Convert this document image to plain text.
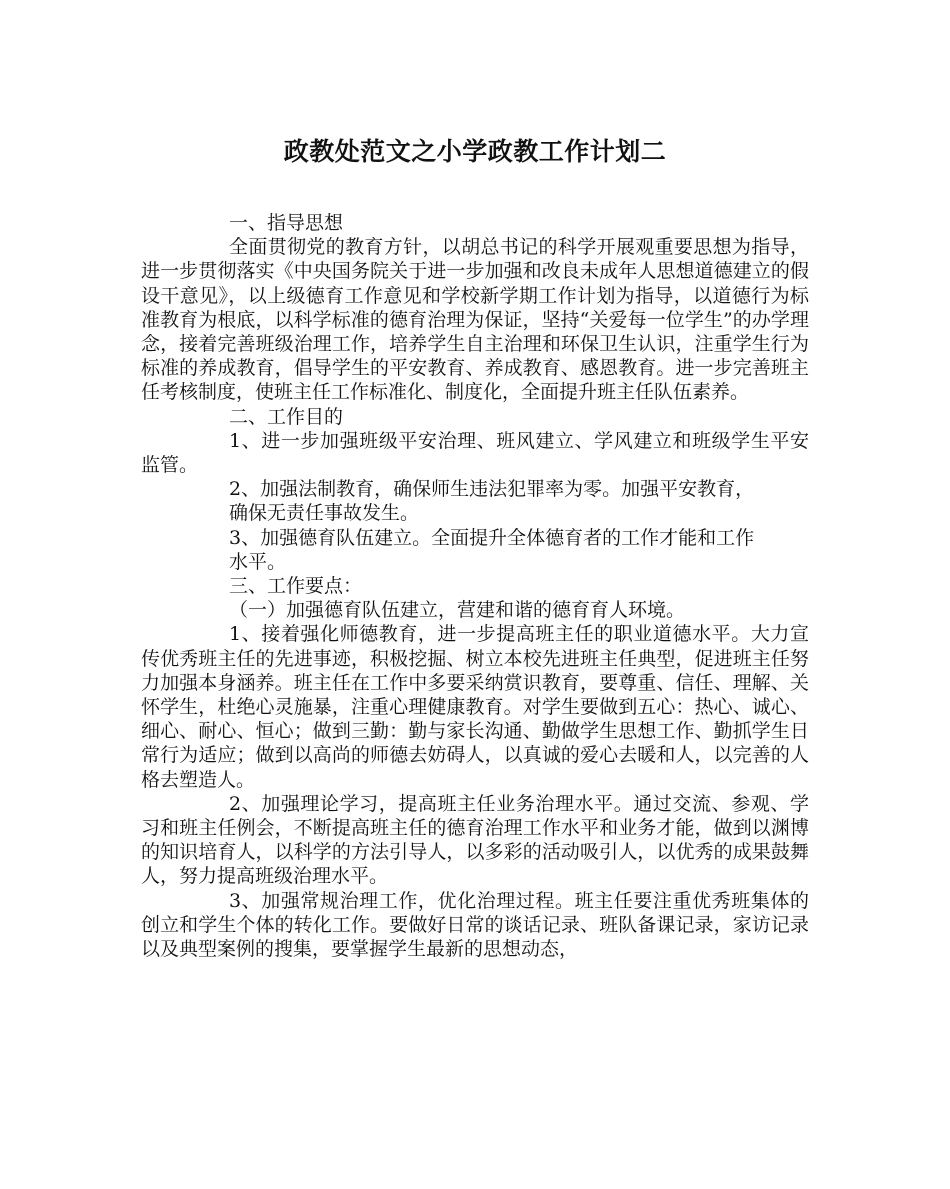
政教处范文之小学政教工作计划二

一、指导思想

全面贯彻党的教育方针，以胡总书记的科学开展观重要思想为指导，进一步贯彻落实《中央国务院关于进一步加强和改良未成年人思想道德建立的假设干意见》，以上级德育工作意见和学校新学期工作计划为指导，以道德行为标准教育为根底，以科学标准的德育治理为保证，坚持“关爱每一位学生”的办学理念，接着完善班级治理工作，培养学生自主治理和环保卫生认识，注重学生行为标准的养成教育，倡导学生的平安教育、养成教育、感恩教育。进一步完善班主任考核制度，使班主任工作标准化、制度化，全面提升班主任队伍素养。

二、工作目的

1、进一步加强班级平安治理、班风建立、学风建立和班级学生平安监管。

2、加强法制教育，确保师生违法犯罪率为零。加强平安教育，

确保无责任事故发生。

3、加强德育队伍建立。全面提升全体德育者的工作才能和工作

水平。

三、工作要点：

（一）加强德育队伍建立，营建和谐的德育育人环境。

1、接着强化师德教育，进一步提高班主任的职业道德水平。大力宣传优秀班主任的先进事迹，积极挖掘、树立本校先进班主任典型，促进班主任努力加强本身涵养。班主任在工作中多要采纳赏识教育，要尊重、信任、理解、关怀学生，杜绝心灵施暴，注重心理健康教育。对学生要做到五心：热心、诚心、细心、耐心、恒心；做到三勤：勤与家长沟通、勤做学生思想工作、勤抓学生日常行为适应；做到以高尚的师德去妨碍人，以真诚的爱心去暖和人，以完善的人格去塑造人。

2、加强理论学习，提高班主任业务治理水平。通过交流、参观、学习和班主任例会，不断提高班主任的德育治理工作水平和业务才能，做到以渊博的知识培育人，以科学的方法引导人，以多彩的活动吸引人，以优秀的成果鼓舞人，努力提高班级治理水平。

3、加强常规治理工作，优化治理过程。班主任要注重优秀班集体的创立和学生个体的转化工作。要做好日常的谈话记录、班队备课记录，家访记录以及典型案例的搜集，要掌握学生最新的思想动态，
